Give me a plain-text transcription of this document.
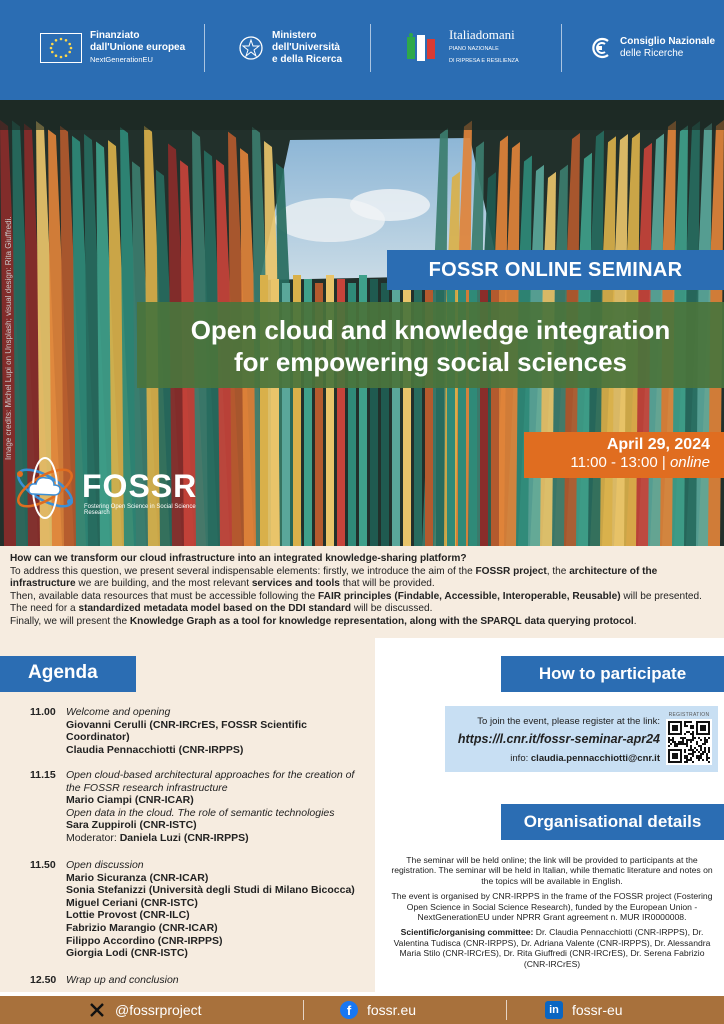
Finanziato
dall'Unione europea
NextGenerationEU
Ministero
dell'Università
e della Ricerca
Italiadomani
PIANO NAZIONALE
DI RIPRESA E RESILIENZA
Consiglio Nazionale
delle Ricerche
FOSSR ONLINE SEMINAR
Open cloud and knowledge integration
for empowering social sciences
April 29, 2024
11:00 - 13:00 | online
FOSSR
Fostering Open Science in Social Science Research
How can we transform our cloud infrastructure into an integrated knowledge-sharing platform?
To address this question, we present several indispensable elements: firstly, we introduce the aim of the FOSSR project, the architecture of the infrastructure we are building, and the most relevant services and tools that will be provided.
Then, available data resources that must be accessible following the FAIR principles (Findable, Accessible, Interoperable, Reusable) will be presented. The need for a standardized metadata model based on the DDI standard will be discussed.
Finally, we will present the Knowledge Graph as a tool for knowledge representation, along with the SPARQL data querying protocol.
Agenda
11.00 Welcome and opening
Giovanni Cerulli (CNR-IRCrES, FOSSR Scientific Coordinator)
Claudia Pennacchiotti (CNR-IRPPS)
11.15 Open cloud-based architectural approaches for the creation of the FOSSR research infrastructure
Mario Ciampi (CNR-ICAR)
Open data in the cloud. The role of semantic technologies
Sara Zuppiroli (CNR-ISTC)
Moderator: Daniela Luzi (CNR-IRPPS)
11.50 Open discussion
Mario Sicuranza (CNR-ICAR)
Sonia Stefanizzi (Università degli Studi di Milano Bicocca)
Miguel Ceriani (CNR-ISTC)
Lottie Provost (CNR-ILC)
Fabrizio Marangio (CNR-ICAR)
Filippo Accordino (CNR-IRPPS)
Giorgia Lodi (CNR-ISTC)
12.50 Wrap up and conclusion
How to participate
To join the event, please register at the link:
https://l.cnr.it/fossr-seminar-apr24
info: claudia.pennacchiotti@cnr.it
REGISTRATION
Organisational details

The seminar will be held online; the link will be provided to participants at the registration. The seminar will be held in Italian, while thematic literature and notes on the topics will be available in English.

The event is organised by CNR-IRPPS in the frame of the FOSSR project (Fostering Open Science in Social Science Research), funded by the European Union - NextGenerationEU under NPRR Grant agreement n. MUR IR0000008.

Scientific/organising committee: Dr. Claudia Pennacchiotti (CNR-IRPPS), Dr. Valentina Tudisca (CNR-IRPPS), Dr. Adriana Valente (CNR-IRPPS), Dr. Alessandra Maria Stilo (CNR-IRCrES), Dr. Rita Giuffredi (CNR-IRCrES), Dr. Serena Fabrizio (CNR-IRCrES)

@fossrproject	f	fossr.eu	in fossr-eu
